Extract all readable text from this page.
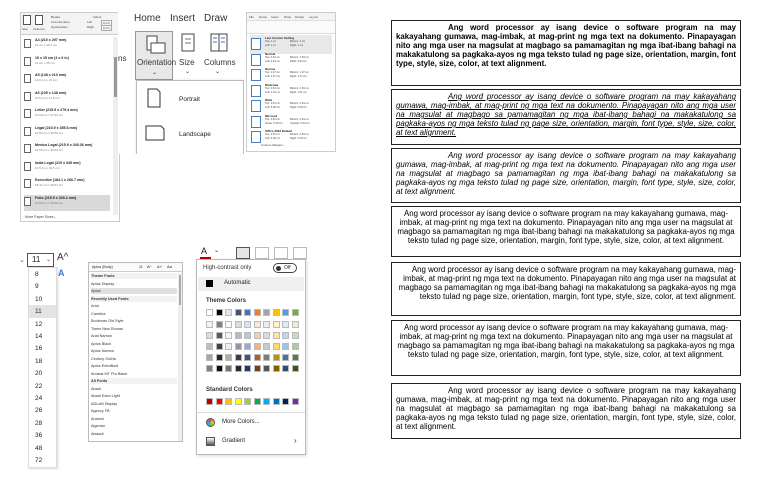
Size Columns
Breaks
Line Numbers
Hyphenation
Indent
Left	0 cm
Right	0 cm
A4 (210 x 297 mm)
21 cm x 29.7 cm
10 x 15 cm (4 x 6 in)
10 cm x 15 cm
A5 (148 x 210 mm)
14.8 cm x 21 cm
A6 (105 x 148 mm)
10.5 cm x 14.8 cm
Letter (215.9 x 279.4 mm)
21.59 cm x 27.94 cm
Legal (215.9 x 355.6 mm)
21.59 cm x 35.56 cm
Mexico Legal (215.9 x 340.36 mm)
21.59 cm x 34.04 cm
India Legal (215 x 345 mm)
21.5 cm x 34.5 cm
Executive (184.1 x 266.7 mm)
18.41 cm x 26.67 cm
Folio (215.9 x 330.2 mm)
21.59 cm x 33.02 cm
More Paper Sizes...
Home Insert Draw
ns Orientation
⌄
Size
⌄
Columns
⌄
Portrait
Landscape
File Home Insert Draw Design Layout
Last Custom Setting
Top: 1 cm	Bottom: 1 cm
Left: 1 cm	Right: 1 cm
Normal
Top: 2.54 cm	Bottom: 2.54 cm
Left: 2.54 cm	Right: 2.54 cm
Narrow
Top: 1.27 cm	Bottom: 1.27 cm
Left: 1.27 cm	Right: 1.27 cm
Moderate
Top: 2.54 cm	Bottom: 2.54 cm
Left: 1.91 cm	Right: 1.91 cm
Wide
Top: 2.54 cm	Bottom: 2.54 cm
Left: 5.08 cm	Right: 5.08 cm
Mirrored
Top: 2.54 cm	Bottom: 2.54 cm
Inside: 3.18 cm	Outside: 2.54 cm
Office 2003 Default
Top: 2.54 cm	Bottom: 2.54 cm
Left: 3.18 cm	Right: 3.18 cm
Custom Margins...
⌄ 11 ⌄ A^
A
8
9
10
11
12
14
16
18
20
22
24
26
28
36
48
72
Aptos (Body)	11 A^ A˅ Aa
Theme Fonts
Aptos Display
Aptos
Recently Used Fonts
Arial
Cambria
Bookman Old Style
Times New Roman
Arial Narrow
Aptos Black
Aptos Narrow
Century Gothic
Aptos ExtraBold
Amasis MT Pro Black
All Fonts
Abadi
Abadi Extra Light
ADLaM Display
Agency FB
Aharoni
Algerian
Alasadi
A ⌄
High-contrast only	Off
Automatic
Theme Colors
Standard Colors
More Colors...
Gradient	›
Ang word processor ay isang device o software program na may kakayahang gumawa, mag-imbak, at mag-print ng mga text na dokumento. Pinapayagan nito ang mga user na magsulat at magbago sa pamamagitan ng mga ibat-ibang bahagi na makakatulong sa pagkaka-ayos ng mga teksto tulad ng page size, orientation, margin, font type, style, size, color, at text alignment.
Ang word processor ay isang device o software program na may kakayahang gumawa, mag-imbak, at mag-print ng mga text na dokumento. Pinapayagan nito ang mga user na magsulat at magbago sa pamamagitan ng mga ibat-ibang bahagi na makakatulong sa pagkaka-ayos ng mga teksto tulad ng page size, orientation, margin, font type, style, size, color, at text alignment.
Ang word processor ay isang device o software program na may kakayahang gumawa, mag-imbak, at mag-print ng mga text na dokumento. Pinapayagan nito ang mga user na magsulat at magbago sa pamamagitan ng mga ibat-ibang bahagi na makakatulong sa pagkaka-ayos ng mga teksto tulad ng page size, orientation, margin, font type, style, size, color, at text alignment.
Ang word processor ay isang device o software program na may kakayahang gumawa, mag-imbak, at mag-print ng mga text na dokumento. Pinapayagan nito ang mga user na magsulat at magbago sa pamamagitan ng mga ibat-ibang bahagi na makakatulong sa pagkaka-ayos ng mga teksto tulad ng page size, orientation, margin, font type, style, size, color, at text alignment.
Ang word processor ay isang device o software program na may kakayahang gumawa, mag-imbak, at mag-print ng mga text na dokumento. Pinapayagan nito ang mga user na magsulat at magbago sa pamamagitan ng mga ibat-ibang bahagi na makakatulong sa pagkaka-ayos ng mga teksto tulad ng page size, orientation, margin, font type, style, size, color, at text alignment.
Ang word processor ay isang device o software program na may kakayahang gumawa, mag-imbak, at mag-print ng mga text na dokumento. Pinapayagan nito ang mga user na magsulat at magbago sa pamamagitan ng mga ibat-ibang bahagi na makakatulong sa pagkaka-ayos ng mga teksto tulad ng page size, orientation, margin, font type, style, size, color, at text alignment.
Ang word processor ay isang device o software program na may kakayahang gumawa, mag-imbak, at mag-print ng mga text na dokumento. Pinapayagan nito ang mga user na magsulat at magbago sa pamamagitan ng mga ibat-ibang bahagi na makakatulong sa pagkaka-ayos ng mga teksto tulad ng page size, orientation, margin, font type, style, size, color, at text alignment.
